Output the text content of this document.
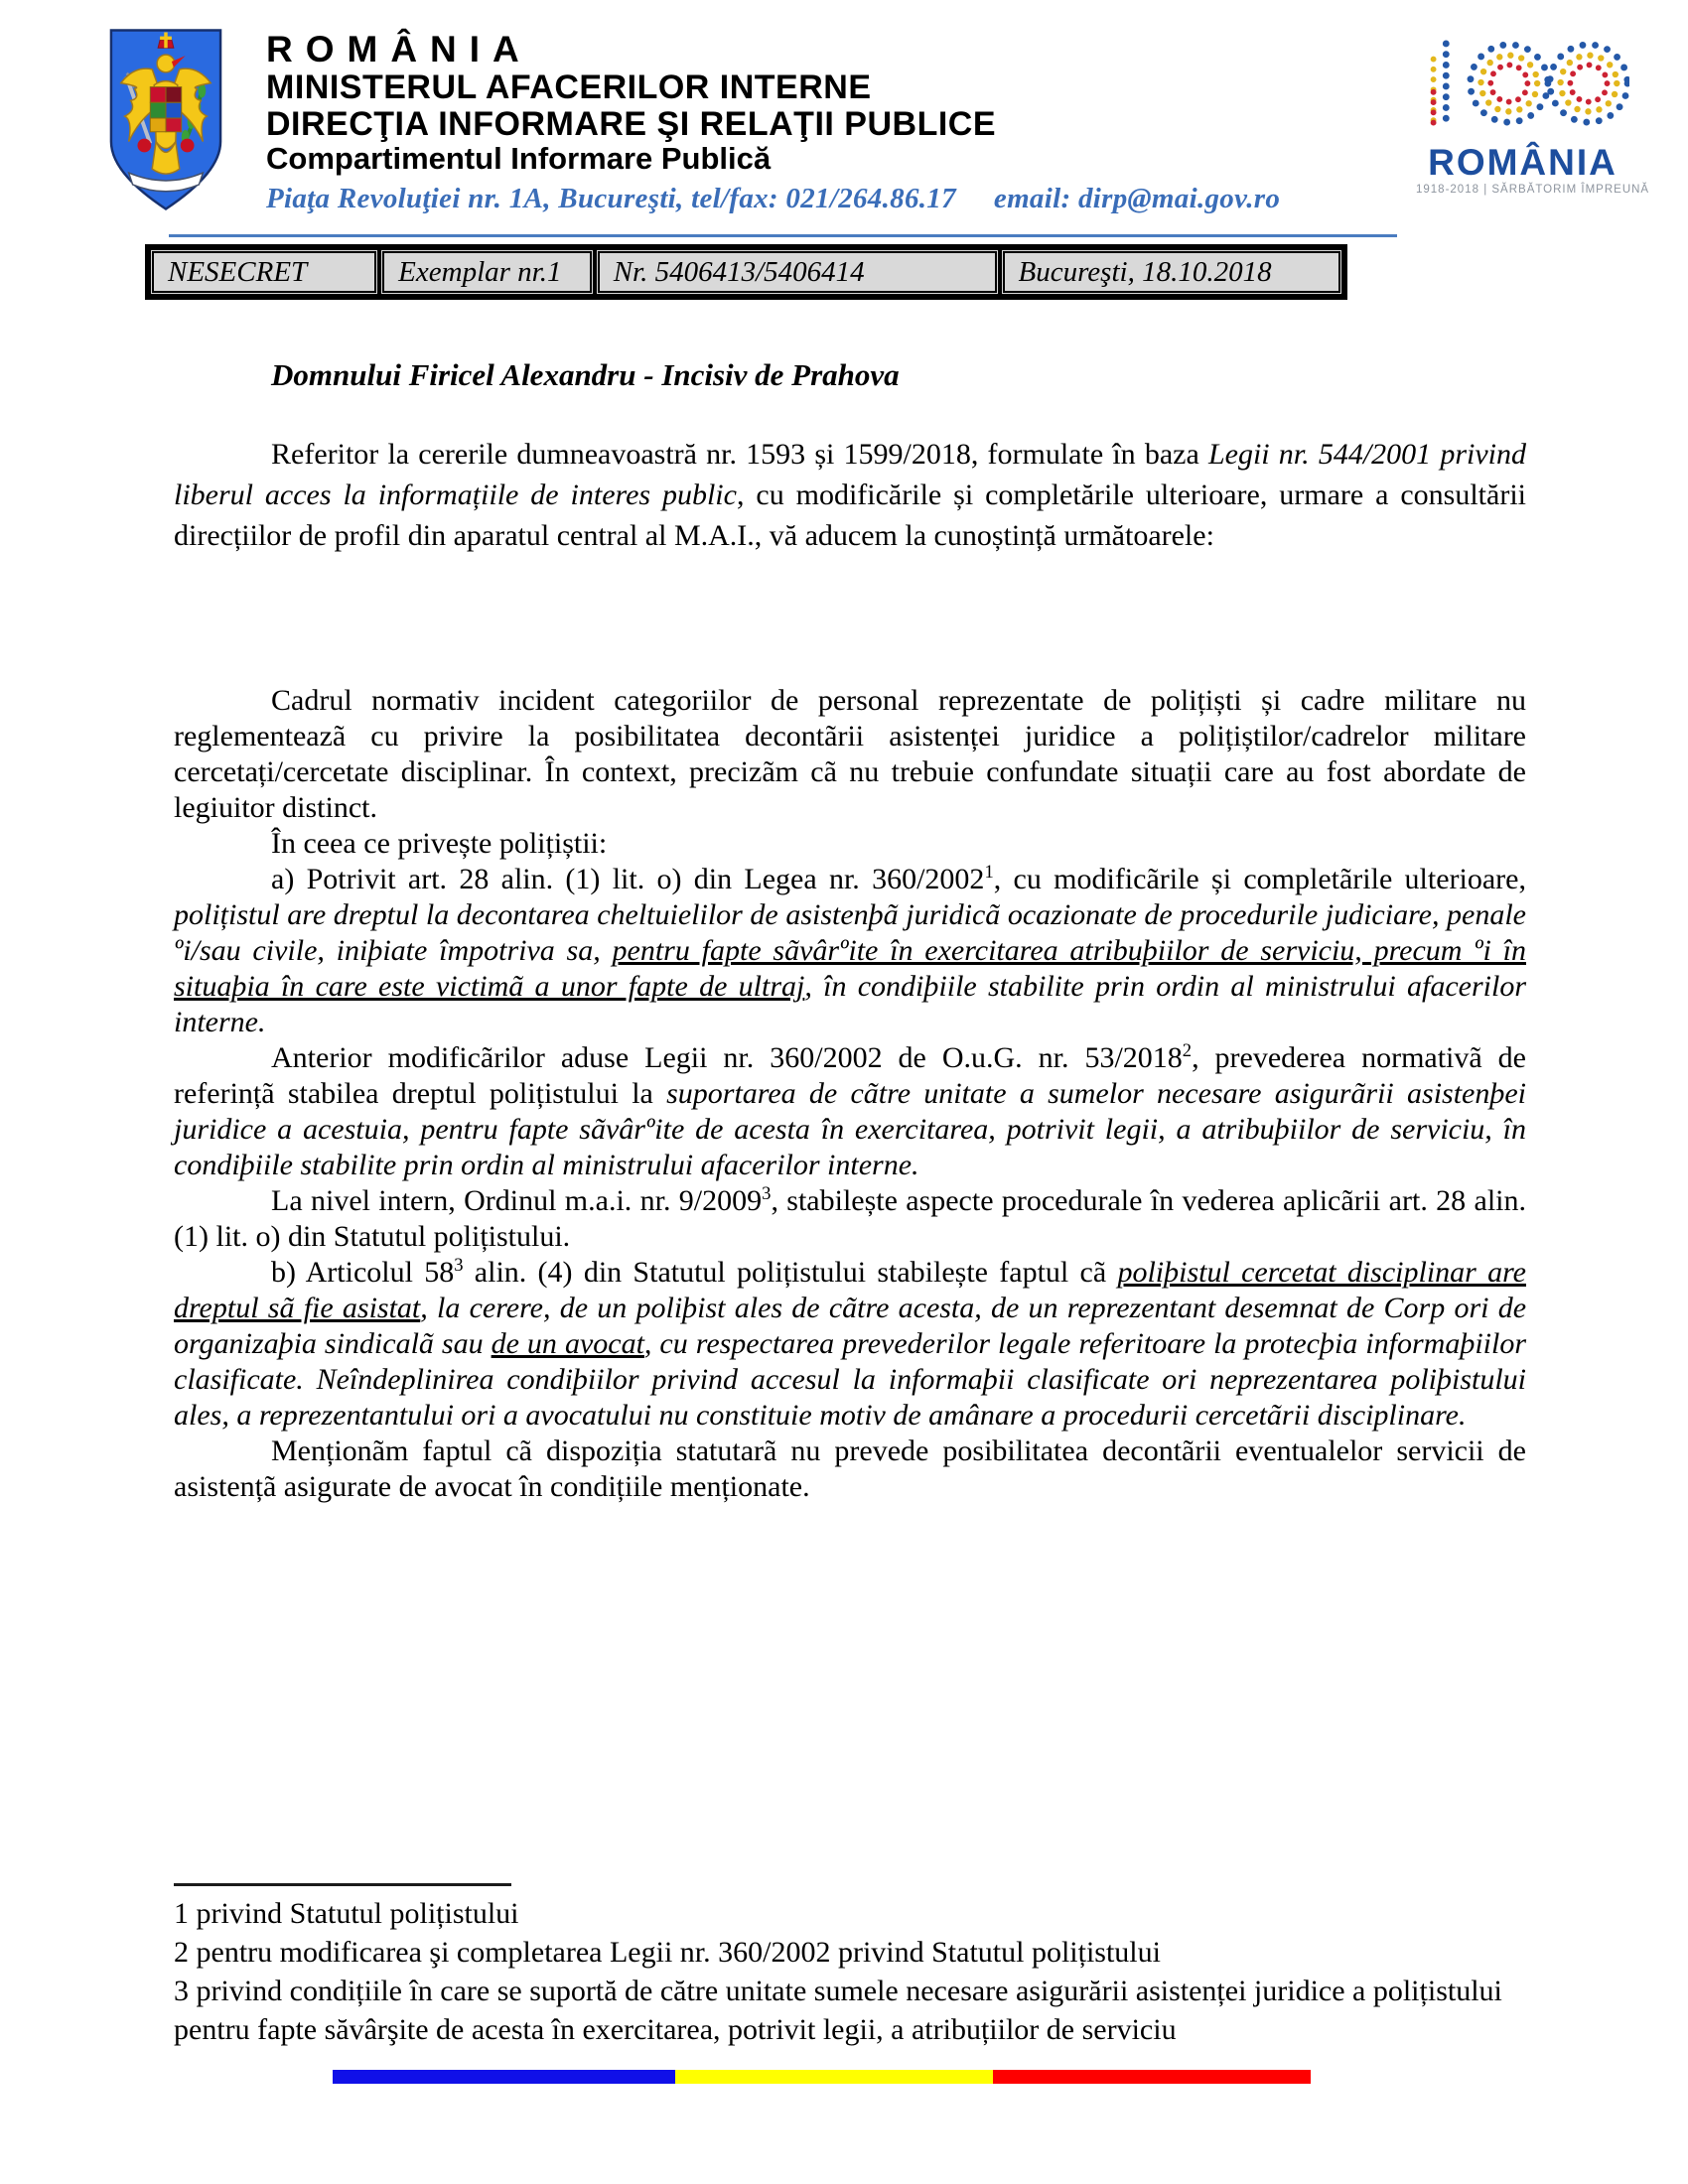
ROMÂNIA
MINISTERUL AFACERILOR INTERNE
DIRECŢIA INFORMARE ŞI RELAŢII PUBLICE
Compartimentul Informare Publică
Piaţa Revoluţiei nr. 1A, Bucureşti, tel/fax: 021/264.86.17 email: dirp@mai.gov.ro
ROMÂNIA
1918-2018 | SĂRBĂTORIM ÎMPREUNĂ
NESECRET	Exemplar nr.1	Nr. 5406413/5406414	Bucureşti, 18.10.2018
Domnului Firicel Alexandru - Incisiv de Prahova

Referitor la cererile dumneavoastră nr. 1593 și 1599/2018, formulate în baza Legii nr. 544/2001 privind liberul acces la informațiile de interes public, cu modificările și completările ulterioare, urmare a consultării direcțiilor de profil din aparatul central al M.A.I., vă aducem la cunoștință următoarele:

Cadrul normativ incident categoriilor de personal reprezentate de polițiști și cadre militare nu reglementeazã cu privire la posibilitatea decontãrii asistenței juridice a polițiștilor/cadrelor militare cercetați/cercetate disciplinar. În context, precizãm cã nu trebuie confundate situații care au fost abordate de legiuitor distinct.

În ceea ce privește polițiștii:

a) Potrivit art. 28 alin. (1) lit. o) din Legea nr. 360/2002$^1$, cu modificãrile și completãrile ulterioare, polițistul are dreptul la decontarea cheltuielilor de asistenþã juridicã ocazionate de procedurile judiciare, penale ºi/sau civile, iniþiate împotriva sa, pentru fapte sãvârºite în exercitarea atribuþiilor de serviciu, precum ºi în situaþia în care este victimã a unor fapte de ultraj, în condiþiile stabilite prin ordin al ministrului afacerilor interne.

Anterior modificãrilor aduse Legii nr. 360/2002 de O.u.G. nr. 53/2018$^2$, prevederea normativã de referințã stabilea dreptul polițistului la suportarea de cãtre unitate a sumelor necesare asigurãrii asistenþei juridice a acestuia, pentru fapte sãvârºite de acesta în exercitarea, potrivit legii, a atribuþiilor de serviciu, în condiþiile stabilite prin ordin al ministrului afacerilor interne.

La nivel intern, Ordinul m.a.i. nr. 9/2009$^3$, stabilește aspecte procedurale în vederea aplicãrii art. 28 alin. (1) lit. o) din Statutul polițistului.

b) Articolul $58^3$ alin. (4) din Statutul polițistului stabilește faptul cã poliþistul cercetat disciplinar are dreptul sã fie asistat, la cerere, de un poliþist ales de cãtre acesta, de un reprezentant desemnat de Corp ori de organizaþia sindicalã sau de un avocat, cu respectarea prevederilor legale referitoare la protecþia informaþiilor clasificate. Neîndeplinirea condiþiilor privind accesul la informaþii clasificate ori neprezentarea poliþistului ales, a reprezentantului ori a avocatului nu constituie motiv de amânare a procedurii cercetãrii disciplinare.

Menționãm faptul cã dispoziția statutarã nu prevede posibilitatea decontãrii eventualelor servicii de asistențã asigurate de avocat în condițiile menționate.

1 privind Statutul polițistului
2 pentru modificarea şi completarea Legii nr. 360/2002 privind Statutul polițistului
3 privind condițiile în care se suportă de către unitate sumele necesare asigurării asistenței juridice a polițistului pentru fapte săvârşite de acesta în exercitarea, potrivit legii, a atribuțiilor de serviciu
